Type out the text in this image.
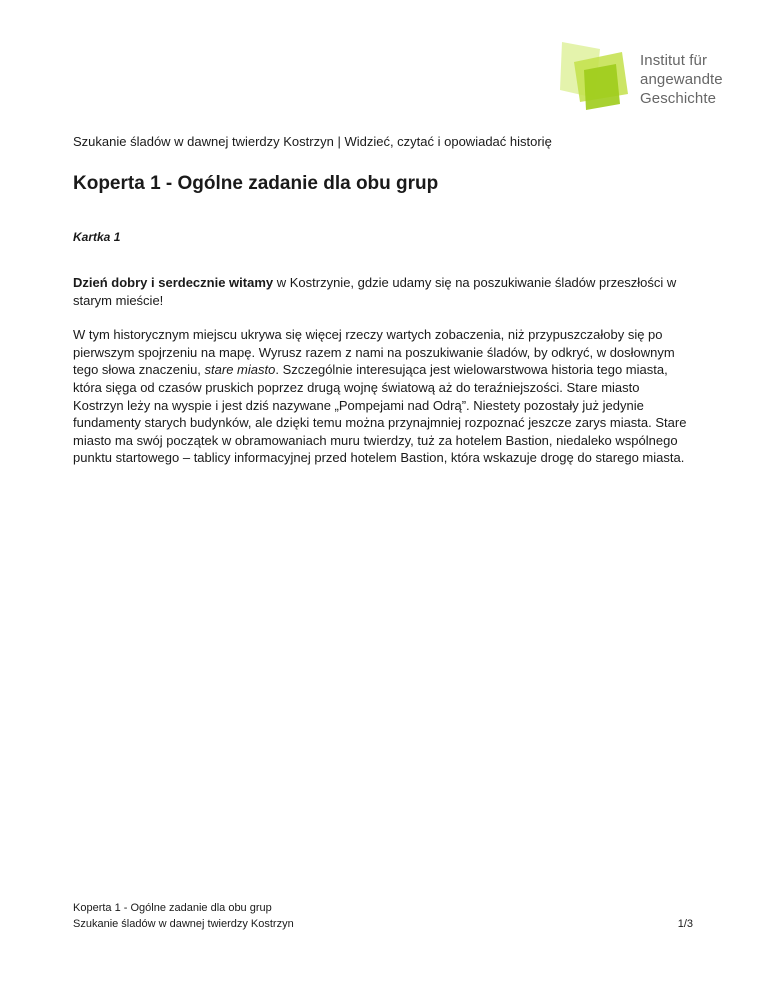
Institut für
angewandte
Geschichte

Szukanie śladów w dawnej twierdzy Kostrzyn | Widzieć, czytać i opowiadać historię

Koperta 1 - Ogólne zadanie dla obu grup
Kartka 1

Dzień dobry i serdecznie witamy w Kostrzynie, gdzie udamy się na poszukiwanie śladów przeszłości w starym mieście!

W tym historycznym miejscu ukrywa się więcej rzeczy wartych zobaczenia, niż przypuszczałoby się po pierwszym spojrzeniu na mapę. Wyrusz razem z nami na poszukiwanie śladów, by odkryć, w dosłownym tego słowa znaczeniu, stare miasto. Szczególnie interesująca jest wielowarstwowa historia tego miasta, która sięga od czasów pruskich poprzez drugą wojnę światową aż do teraźniejszości. Stare miasto Kostrzyn leży na wyspie i jest dziś nazywane „Pompejami nad Odrą”. Niestety pozostały już jedynie fundamenty starych budynków, ale dzięki temu można przynajmniej rozpoznać jeszcze zarys miasta. Stare miasto ma swój początek w obramowaniach muru twierdzy, tuż za hotelem Bastion, niedaleko wspólnego punktu startowego – tablicy informacyjnej przed hotelem Bastion, która wskazuje drogę do starego miasta.

Koperta 1 - Ogólne zadanie dla obu grup
Szukanie śladów w dawnej twierdzy Kostrzyn	1/3
